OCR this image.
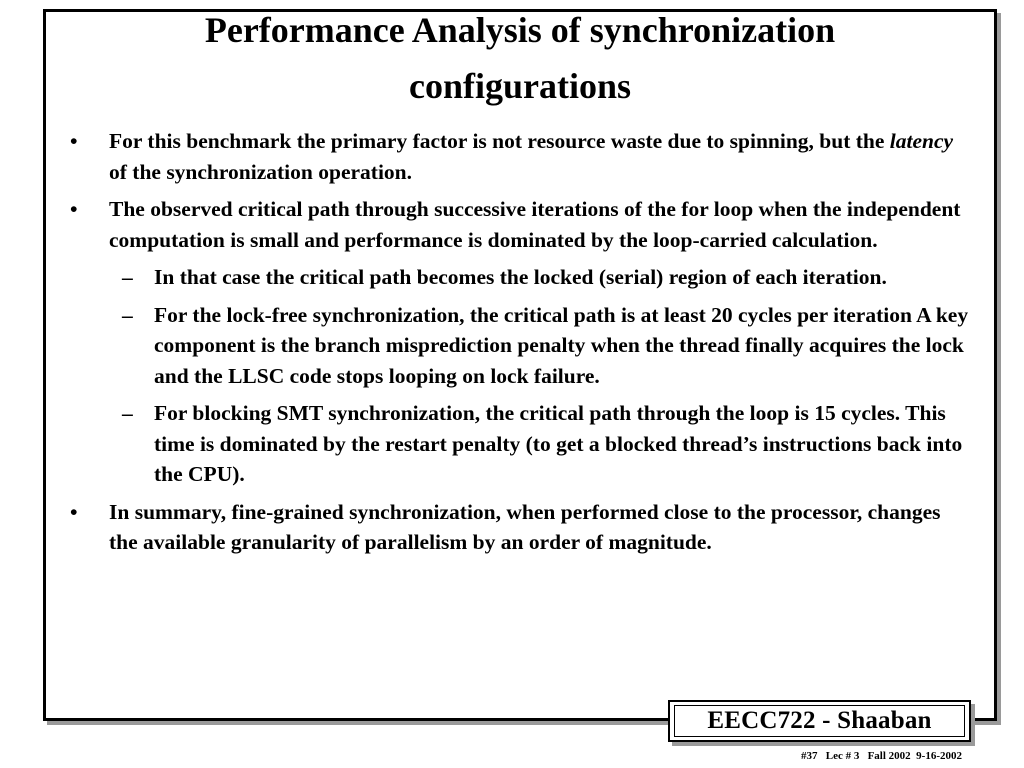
Performance Analysis of synchronization
configurations
•	For this benchmark the primary factor is not resource waste due to spinning, but the latency of the synchronization operation.
•	The observed critical path through successive iterations of the for loop when the independent computation is small and performance is dominated by the loop-carried calculation.
– In that case the critical path becomes the locked (serial) region of each iteration.
– For the lock-free synchronization, the critical path is at least 20 cycles per iteration A key component is the branch misprediction penalty when the thread finally acquires the lock and the LLSC code stops looping on lock failure.
– For blocking SMT synchronization, the critical path through the loop is 15 cycles. This time is dominated by the restart penalty (to get a blocked thread’s instructions back into the CPU).
•	In summary, fine-grained synchronization, when performed close to the processor, changes the available granularity of parallelism by an order of magnitude.
EECC722 - Shaaban
#37   Lec # 3   Fall 2002  9-16-2002
